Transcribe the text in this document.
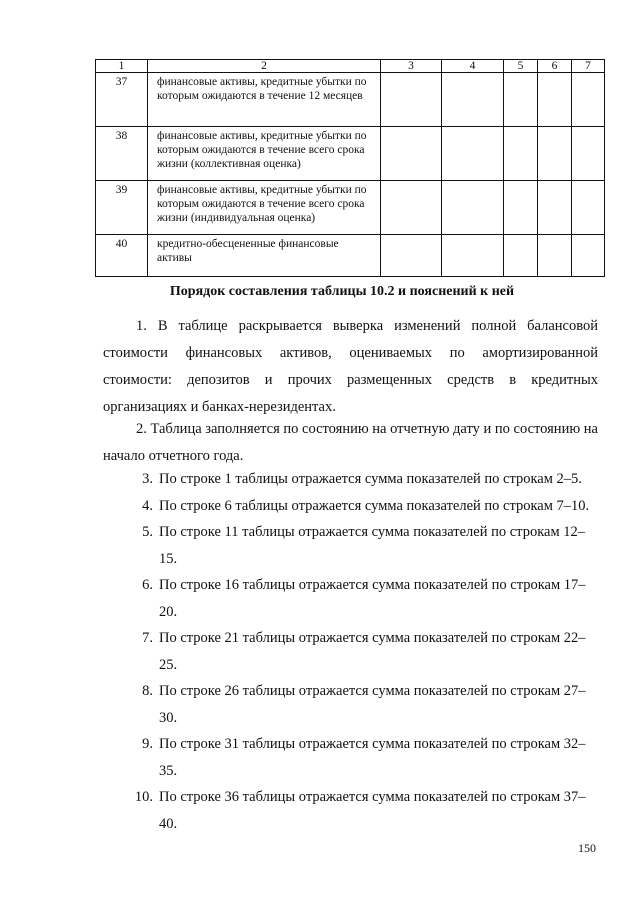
1	2	3	4	5	6	7
37	финансовые активы, кредитные убытки по которым ожидаются в течение 12 месяцев					
38	финансовые активы, кредитные убытки по которым ожидаются в течение всего срока жизни (коллективная оценка)					
39	финансовые активы, кредитные убытки по которым ожидаются в течение всего срока жизни (индивидуальная оценка)					
40	кредитно-обесцененные финансовые активы					
Порядок составления таблицы 10.2 и пояснений к ней

1. В таблице раскрывается выверка изменений полной балансовой стоимости финансовых активов, оцениваемых по амортизированной стоимости: депозитов и прочих размещенных средств в кредитных организациях и банках-нерезидентах.

2. Таблица заполняется по состоянию на отчетную дату и по состоянию на начало отчетного года.

3. По строке 1 таблицы отражается сумма показателей по строкам 2–5.
4. По строке 6 таблицы отражается сумма показателей по строкам 7–10.
5. По строке 11 таблицы отражается сумма показателей по строкам 12–15.
6. По строке 16 таблицы отражается сумма показателей по строкам 17–20.
7. По строке 21 таблицы отражается сумма показателей по строкам 22–25.
8. По строке 26 таблицы отражается сумма показателей по строкам 27–30.
9. По строке 31 таблицы отражается сумма показателей по строкам 32–35.
10. По строке 36 таблицы отражается сумма показателей по строкам 37–40.
150
